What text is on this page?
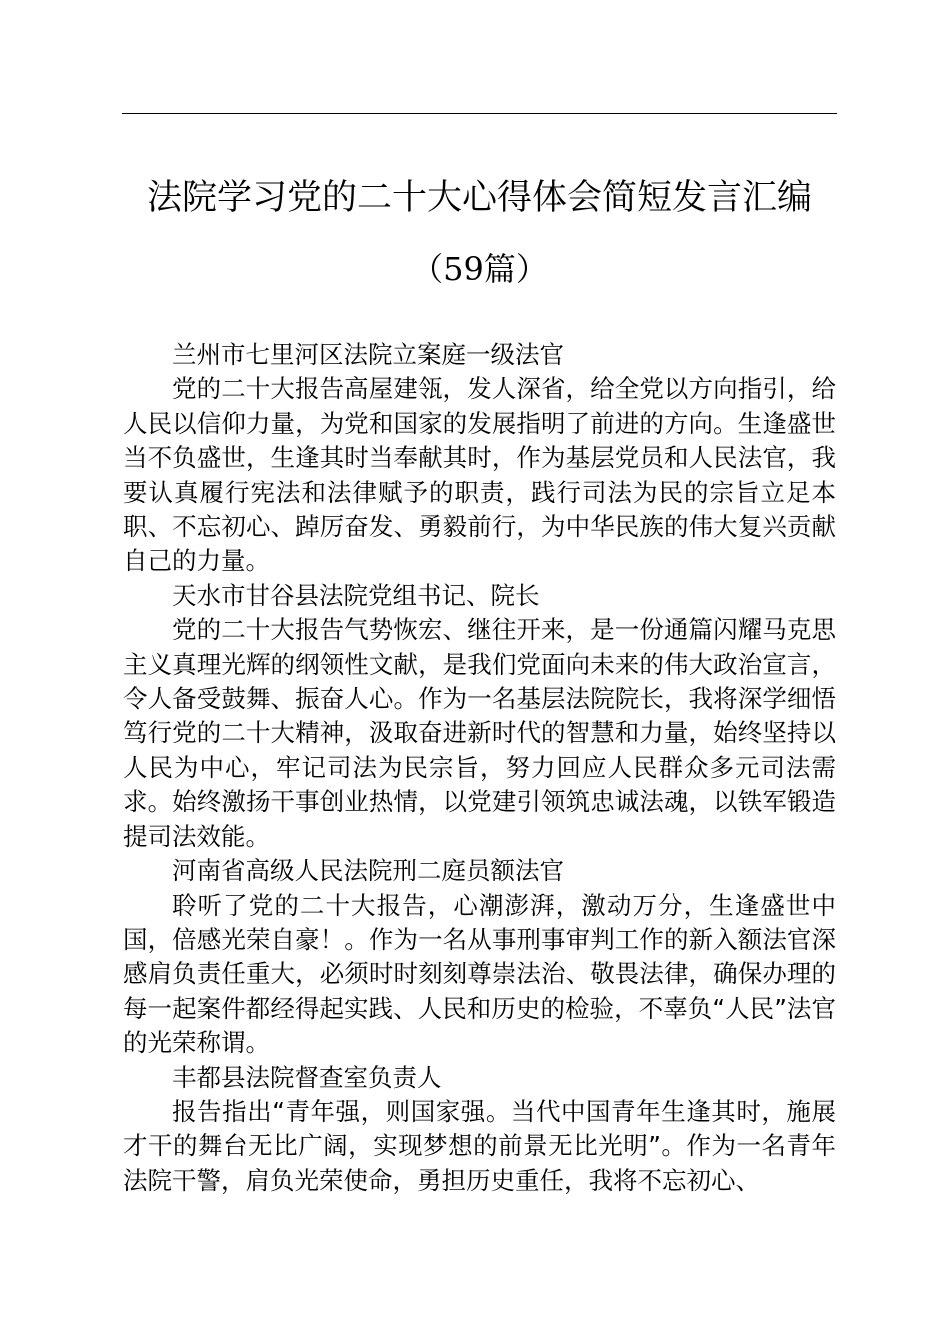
法院学习党的二十大心得体会简短发言汇编
（59篇）

兰州市七里河区法院立案庭一级法官

党的二十大报告高屋建瓴，发人深省，给全党以方向指引，给人民以信仰力量，为党和国家的发展指明了前进的方向。生逢盛世当不负盛世，生逢其时当奉献其时，作为基层党员和人民法官，我要认真履行宪法和法律赋予的职责，践行司法为民的宗旨立足本职、不忘初心、踔厉奋发、勇毅前行，为中华民族的伟大复兴贡献自己的力量。

天水市甘谷县法院党组书记、院长

党的二十大报告气势恢宏、继往开来，是一份通篇闪耀马克思主义真理光辉的纲领性文献，是我们党面向未来的伟大政治宣言，令人备受鼓舞、振奋人心。作为一名基层法院院长，我将深学细悟笃行党的二十大精神，汲取奋进新时代的智慧和力量，始终坚持以人民为中心，牢记司法为民宗旨，努力回应人民群众多元司法需求。始终激扬干事创业热情，以党建引领筑忠诚法魂，以铁军锻造提司法效能。

河南省高级人民法院刑二庭员额法官

聆听了党的二十大报告，心潮澎湃，激动万分，生逢盛世中国，倍感光荣自豪！。作为一名从事刑事审判工作的新入额法官深感肩负责任重大，必须时时刻刻尊崇法治、敬畏法律，确保办理的每一起案件都经得起实践、人民和历史的检验，不辜负“人民”法官的光荣称谓。

丰都县法院督查室负责人

报告指出“青年强，则国家强。当代中国青年生逢其时，施展才干的舞台无比广阔，实现梦想的前景无比光明”。作为一名青年法院干警，肩负光荣使命，勇担历史重任，我将不忘初心、
